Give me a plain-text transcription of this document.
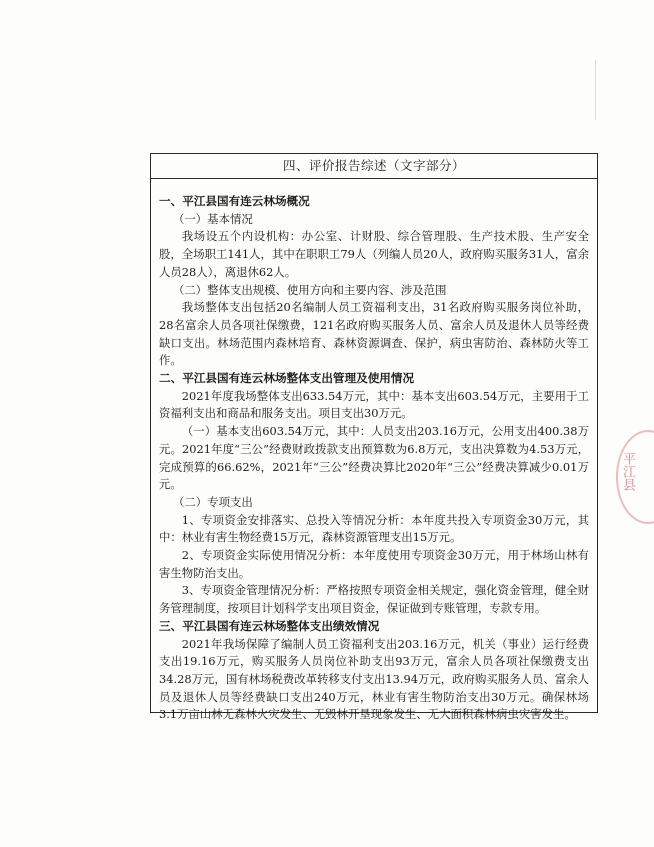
平江县
四、评价报告综述（文字部分）

一、平江县国有连云林场概况

（一）基本情况

我场设五个内设机构：办公室、计财股、综合管理股、生产技术股、生产安全股，全场职工141人，其中在职职工79人（列编人员20人，政府购买服务31人，富余人员28人），离退休62人。

（二）整体支出规模、使用方向和主要内容、涉及范围

我场整体支出包括20名编制人员工资福利支出，31名政府购买服务岗位补助，28名富余人员各项社保缴费，121名政府购买服务人员、富余人员及退休人员等经费缺口支出。林场范围内森林培育、森林资源调查、保护，病虫害防治、森林防火等工作。

二、平江县国有连云林场整体支出管理及使用情况

2021年度我场整体支出633.54万元，其中：基本支出603.54万元，主要用于工资福利支出和商品和服务支出。项目支出30万元。

（一）基本支出603.54万元，其中：人员支出203.16万元，公用支出400.38万元。2021年度“三公”经费财政拨款支出预算数为6.8万元，支出决算数为4.53万元，完成预算的66.62%，2021年“三公”经费决算比2020年“三公”经费决算减少0.01万元。

（二）专项支出

1、专项资金安排落实、总投入等情况分析：本年度共投入专项资金30万元，其中：林业有害生物经费15万元，森林资源管理支出15万元。

2、专项资金实际使用情况分析：本年度使用专项资金30万元，用于林场山林有害生物防治支出。

3、专项资金管理情况分析：严格按照专项资金相关规定，强化资金管理，健全财务管理制度，按项目计划科学支出项目资金，保证做到专账管理，专款专用。

三、平江县国有连云林场整体支出绩效情况

2021年我场保障了编制人员工资福利支出203.16万元，机关（事业）运行经费支出19.16万元，购买服务人员岗位补助支出93万元，富余人员各项社保缴费支出34.28万元，国有林场税费改革转移支付支出13.94万元，政府购买服务人员、富余人员及退休人员等经费缺口支出240万元，林业有害生物防治支出30万元。确保林场3.1万亩山林无森林火灾发生、无毁林开垦现象发生、无大面积森林病虫灾害发生。
